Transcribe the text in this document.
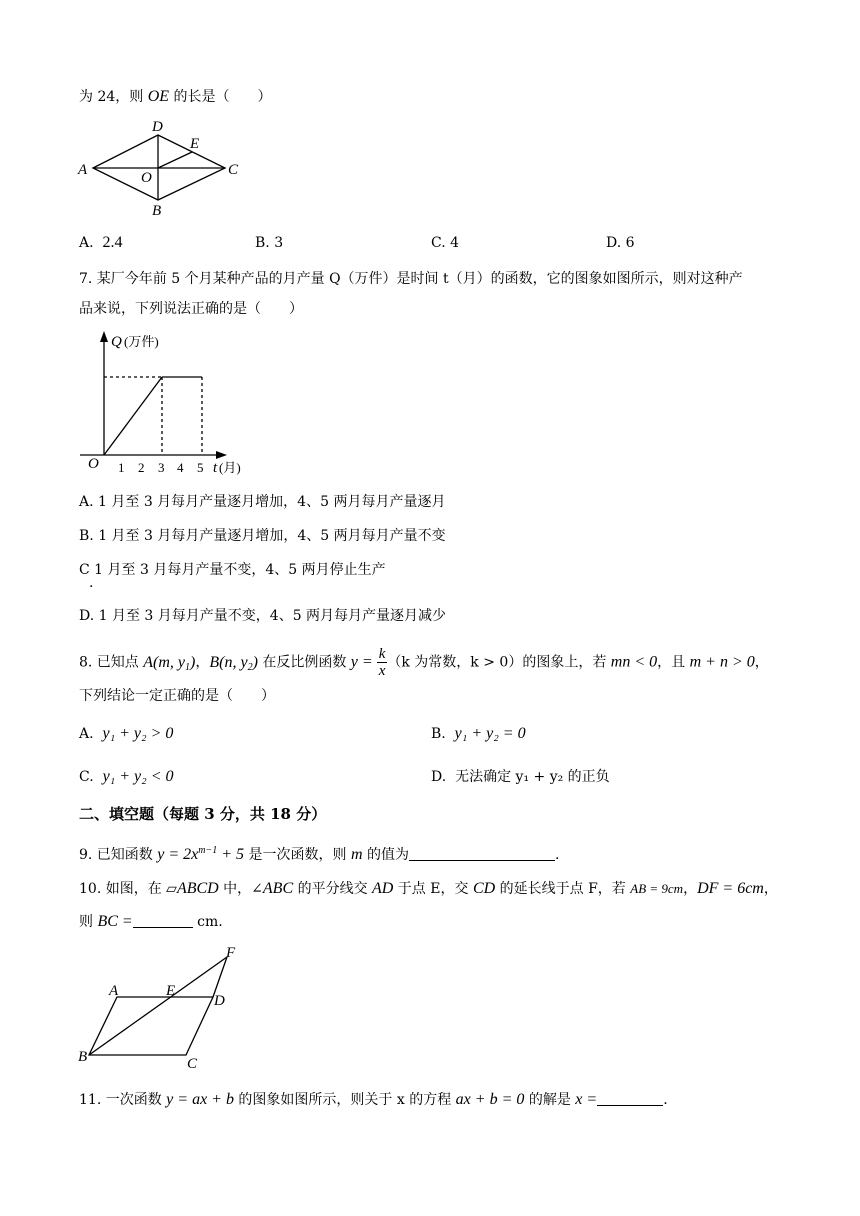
为 24，则 OE 的长是（　　）
A
D
E
C
O
B
A. 2.4	B. 3	C. 4	D. 6
7. 某厂今年前 5 个月某种产品的月产量 Q（万件）是时间 t（月）的函数，它的图象如图所示，则对这种产
品来说，下列说法正确的是（　　）
Q (万件)
O 1 2 3 4 5 t (月)
A. 1 月至 3 月每月产量逐月增加，4、5 两月每月产量逐月
B. 1 月至 3 月每月产量逐月增加，4、5 两月每月产量不变
C 1 月至 3 月每月产量不变，4、5 两月停止生产
.
D. 1 月至 3 月每月产量不变，4、5 两月每月产量逐月减少
8. 已知点 A(m, $y_1$)，B(n, $y_2$) 在反比例函数 $y = \frac{k}{x} (k$ 为常数，k > 0）的图象上，若 mn < 0，且 m + n > 0，
下列结论一定正确的是（　　）
A. y₁ + y₂ > 0	B. y₁ + y₂ = 0
C. y₁ + y₂ < 0	D. 无法确定 y₁ + y₂ 的正负
二、填空题（每题 3 分，共 18 分）
9. 已知函数 $y = 2x^{m-1} + 5$ 是一次函数，则 m 的值为	.
10. 如图，在 ▱ABCD 中，∠ABC 的平分线交 AD 于点 E，交 CD 的延长线于点 F，若 AB = 9cm，DF = 6cm，
则 BC =	cm.
A	E
D
F
B	C
11. 一次函数 y = ax + b 的图象如图所示，则关于 x 的方程 ax + b = 0 的解是 x =	.
